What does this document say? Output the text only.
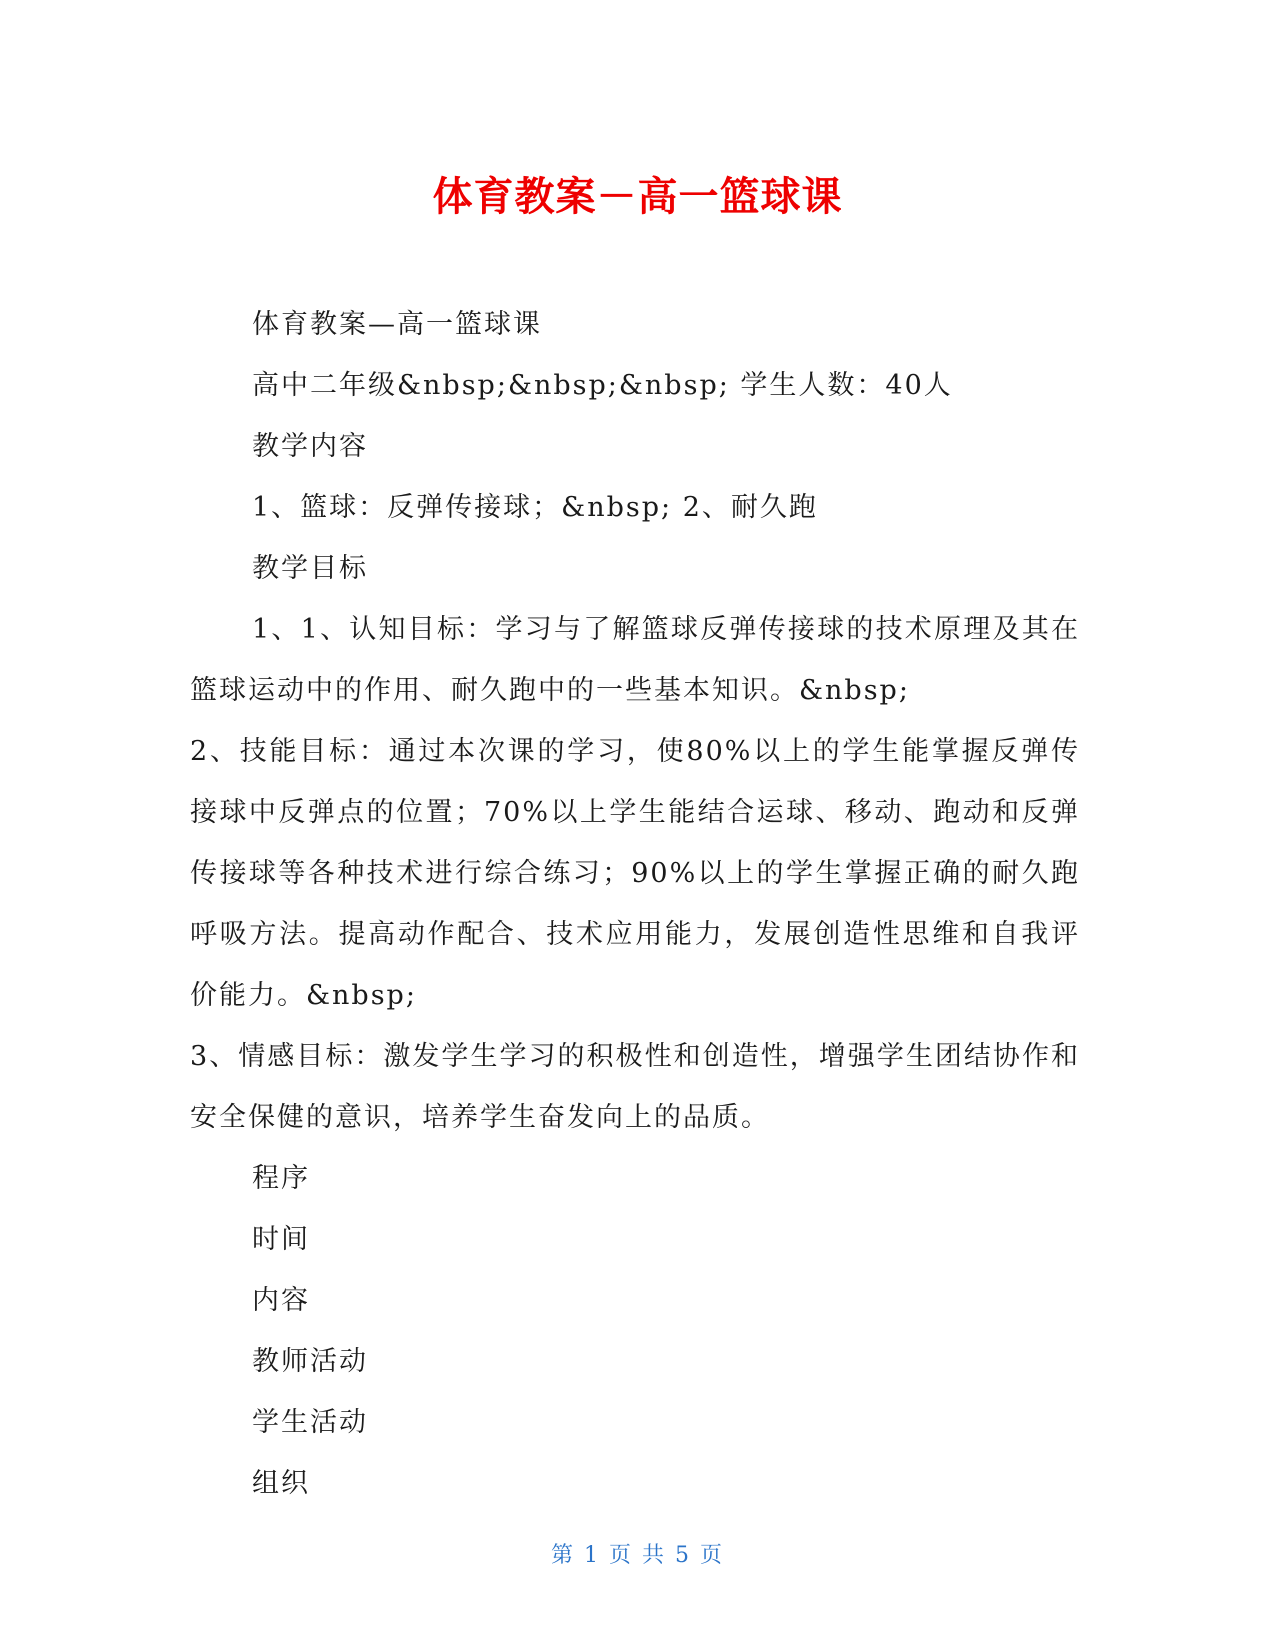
体育教案－高一篮球课

体育教案—高一篮球课

高中二年级&nbsp;&nbsp;&nbsp; 学生人数：40人

教学内容

1、篮球：反弹传接球；&nbsp; 2、耐久跑

教学目标

1、1、认知目标：学习与了解篮球反弹传接球的技术原理及其在篮球运动中的作用、耐久跑中的一些基本知识。&nbsp;

2、技能目标：通过本次课的学习，使80%以上的学生能掌握反弹传接球中反弹点的位置；70%以上学生能结合运球、移动、跑动和反弹传接球等各种技术进行综合练习；90%以上的学生掌握正确的耐久跑呼吸方法。提高动作配合、技术应用能力，发展创造性思维和自我评价能力。&nbsp;

3、情感目标：激发学生学习的积极性和创造性，增强学生团结协作和安全保健的意识，培养学生奋发向上的品质。

程序

时间

内容

教师活动

学生活动

组织

第 1 页 共 5 页
